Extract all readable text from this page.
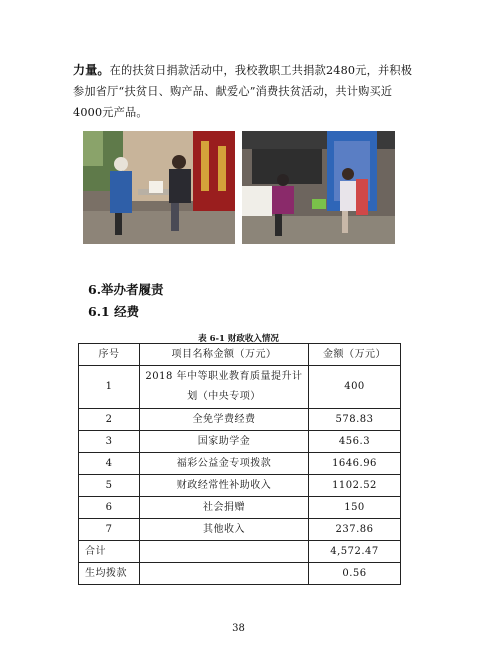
力量。在的扶贫日捐款活动中，我校教职工共捐款2480元，并积极参加省厅“扶贫日、购产品、献爱心”消费扶贫活动，共计购买近4000元产品。

6.举办者履责

6.1 经费

表 6-1 财政收入情况

序号	项目名称金额（万元）	金额（万元）
1	2018 年中等职业教育质量提升计划（中央专项）	400
2	全免学费经费	578.83
3	国家助学金	456.3
4	福彩公益金专项拨款	1646.96
5	财政经常性补助收入	1102.52
6	社会捐赠	150
7	其他收入	237.86
合计		4,572.47
生均拨款		0.56
38
